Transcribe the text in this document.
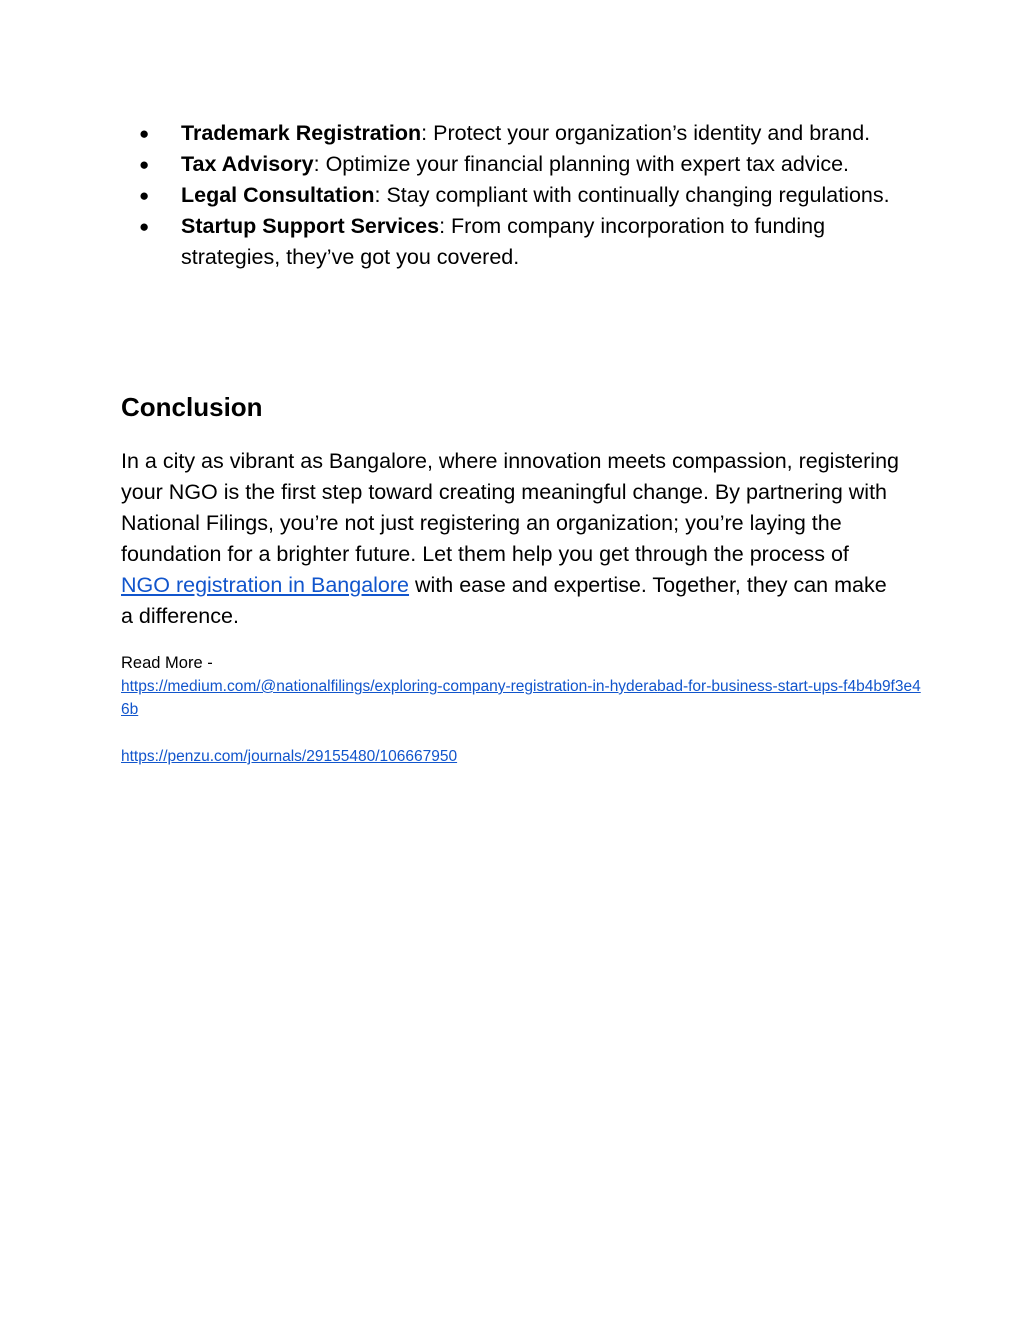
● Trademark Registration: Protect your organization’s identity and brand.
● Tax Advisory: Optimize your financial planning with expert tax advice.
● Legal Consultation: Stay compliant with continually changing regulations.
● Startup Support Services: From company incorporation to funding strategies, they’ve got you covered.
Conclusion

In a city as vibrant as Bangalore, where innovation meets compassion, registering your NGO is the first step toward creating meaningful change. By partnering with National Filings, you’re not just registering an organization; you’re laying the foundation for a brighter future. Let them help you get through the process of NGO registration in Bangalore with ease and expertise. Together, they can make a difference.

Read More -
https://medium.com/@nationalfilings/exploring-company-registration-in-hyderabad-for-business-start-ups-f4b4b9f3e46b

https://penzu.com/journals/29155480/106667950
